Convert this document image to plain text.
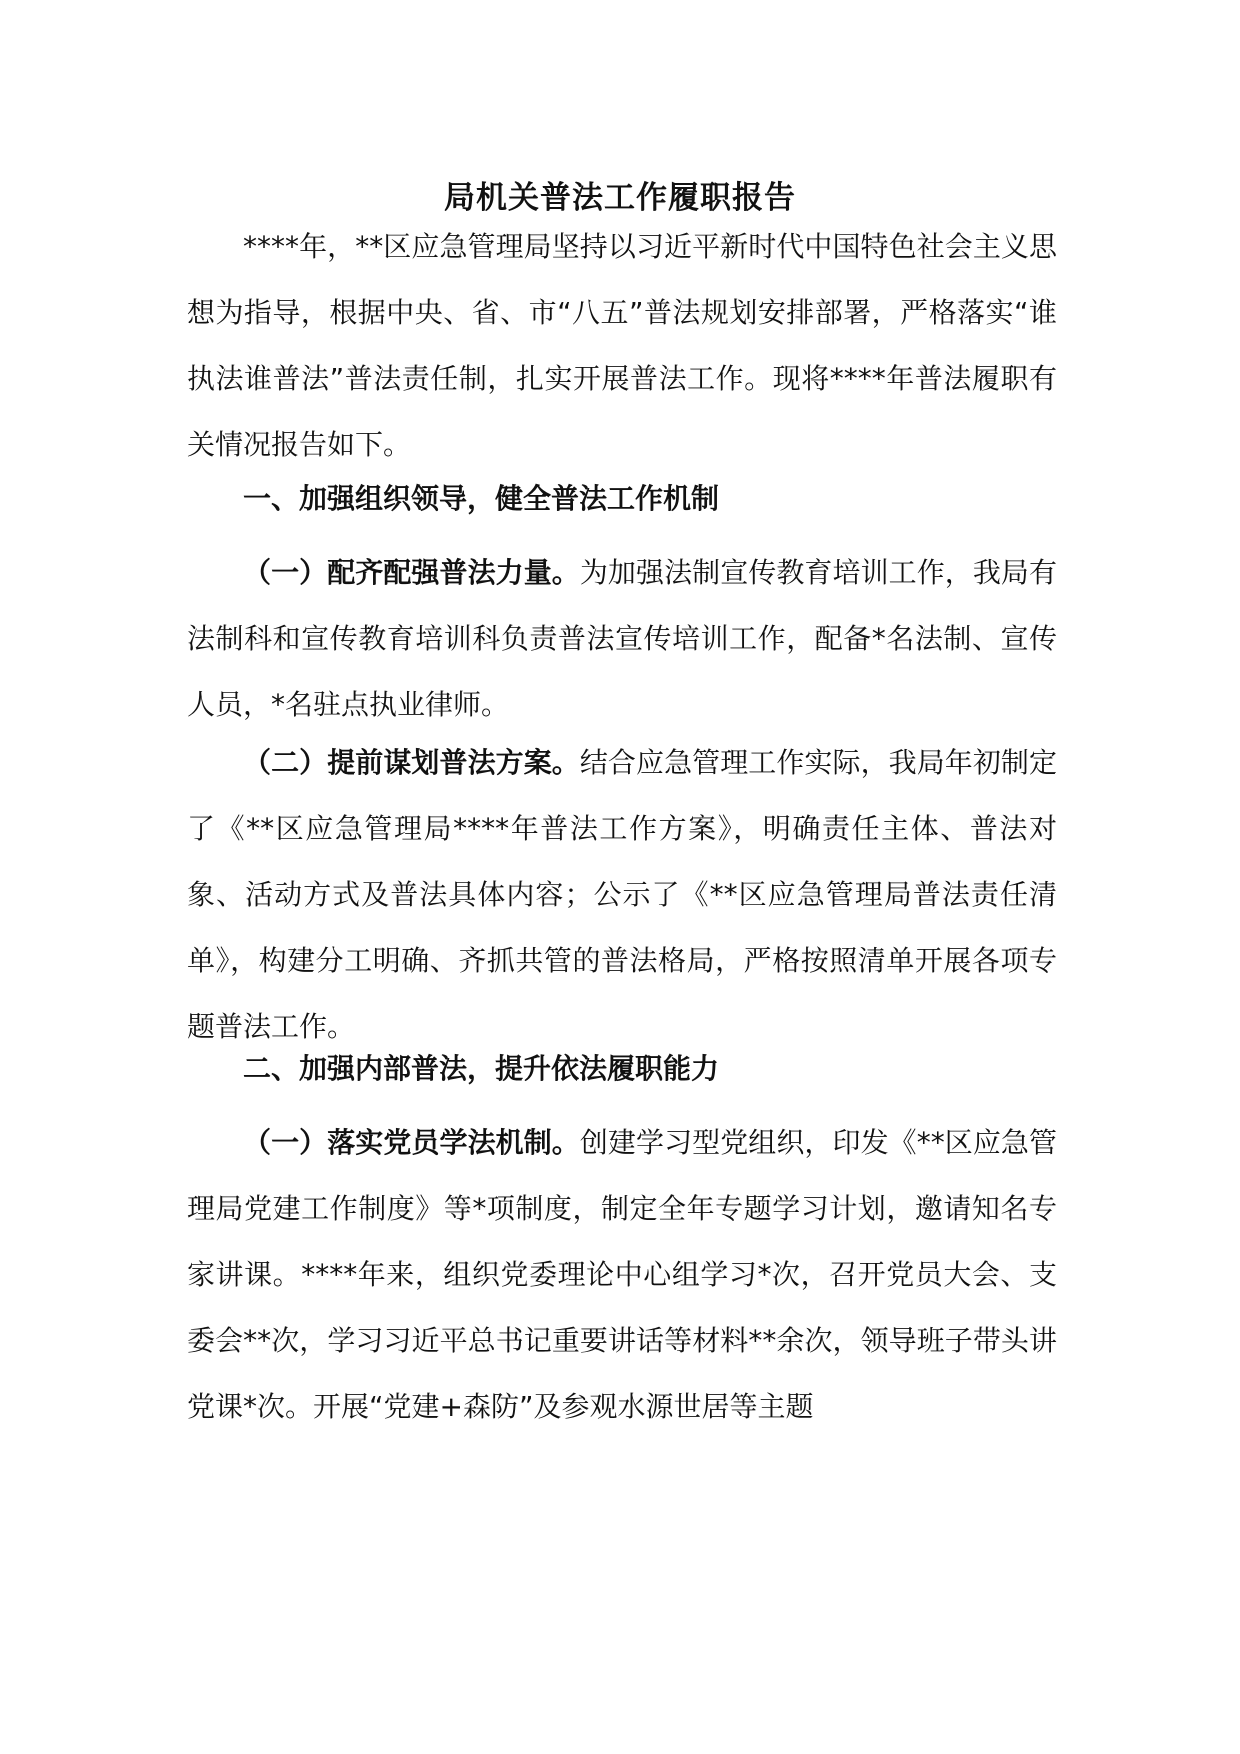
局机关普法工作履职报告

****年，**区应急管理局坚持以习近平新时代中国特色社会主义思想为指导，根据中央、省、市“八五”普法规划安排部署，严格落实“谁执法谁普法”普法责任制，扎实开展普法工作。现将****年普法履职有关情况报告如下。

一、加强组织领导，健全普法工作机制

（一）配齐配强普法力量。为加强法制宣传教育培训工作，我局有法制科和宣传教育培训科负责普法宣传培训工作，配备*名法制、宣传人员，*名驻点执业律师。

（二）提前谋划普法方案。结合应急管理工作实际，我局年初制定了《**区应急管理局****年普法工作方案》，明确责任主体、普法对象、活动方式及普法具体内容；公示了《**区应急管理局普法责任清单》，构建分工明确、齐抓共管的普法格局，严格按照清单开展各项专题普法工作。

二、加强内部普法，提升依法履职能力

（一）落实党员学法机制。创建学习型党组织，印发《**区应急管理局党建工作制度》等*项制度，制定全年专题学习计划，邀请知名专家讲课。****年来，组织党委理论中心组学习*次，召开党员大会、支委会**次，学习习近平总书记重要讲话等材料**余次，领导班子带头讲党课*次。开展“党建+森防”及参观水源世居等主题
